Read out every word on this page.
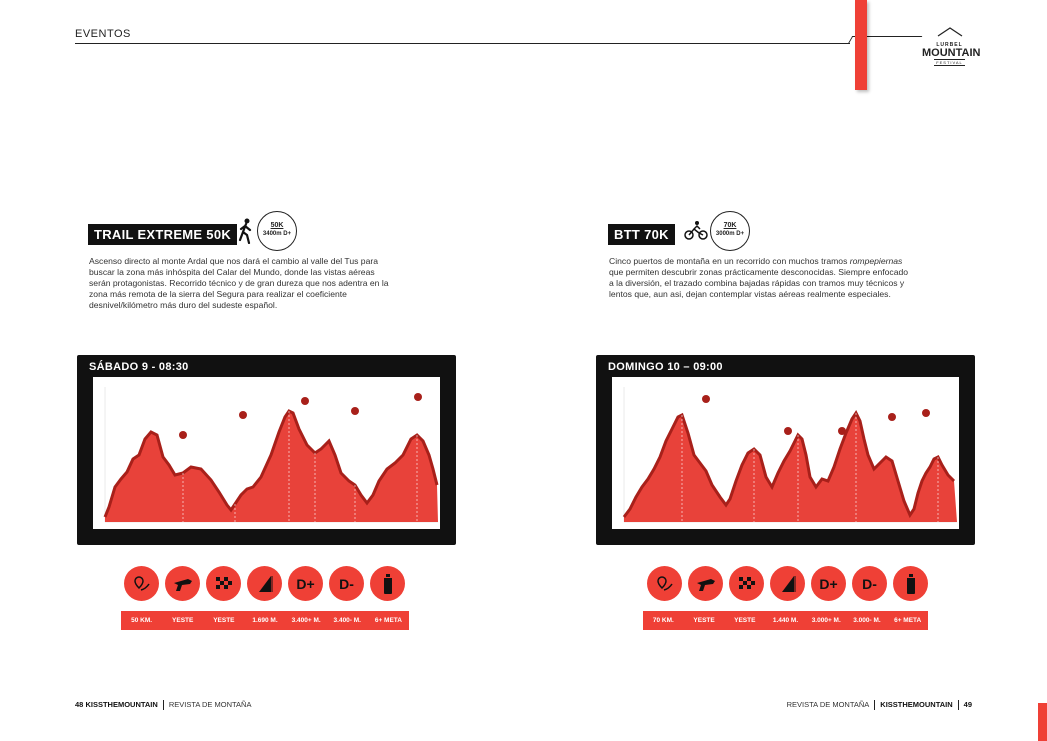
EVENTOS
LURBEL
MOUNTAIN
FESTIVAL
TRAIL EXTREME 50K
50K
3400m D+

Ascenso directo al monte Ardal que nos dará el cambio al valle del Tus para buscar la zona más inhóspita del Calar del Mundo, donde las vistas aéreas serán protagonistas. Recorrido técnico y de gran dureza que nos adentra en la zona más remota de la sierra del Segura para realizar el coeficiente desnivel/kilómetro más duro del sudeste español.

SÁBADO 9 - 08:30
D+	D-
50 KM.	YESTE	YESTE	1.690 M.	3.400+ M.	3.400- M.	6+ META
BTT 70K
70K
3000m D+

Cinco puertos de montaña en un recorrido con muchos tramos rompepiernas que permiten descubrir zonas prácticamente desconocidas. Siempre enfocado a la diversión, el trazado combina bajadas rápidas con tramos muy técnicos y lentos que, aun asi, dejan contemplar vistas aéreas realmente especiales.

DOMINGO 10 – 09:00
D+	D-
70 KM.	YESTE	YESTE	1.440 M.	3.000+ M.	3.000- M.	6+ META
48 KISSTHEMOUNTAIN REVISTA DE MONTAÑA	REVISTA DE MONTAÑA KISSTHEMOUNTAIN 49
